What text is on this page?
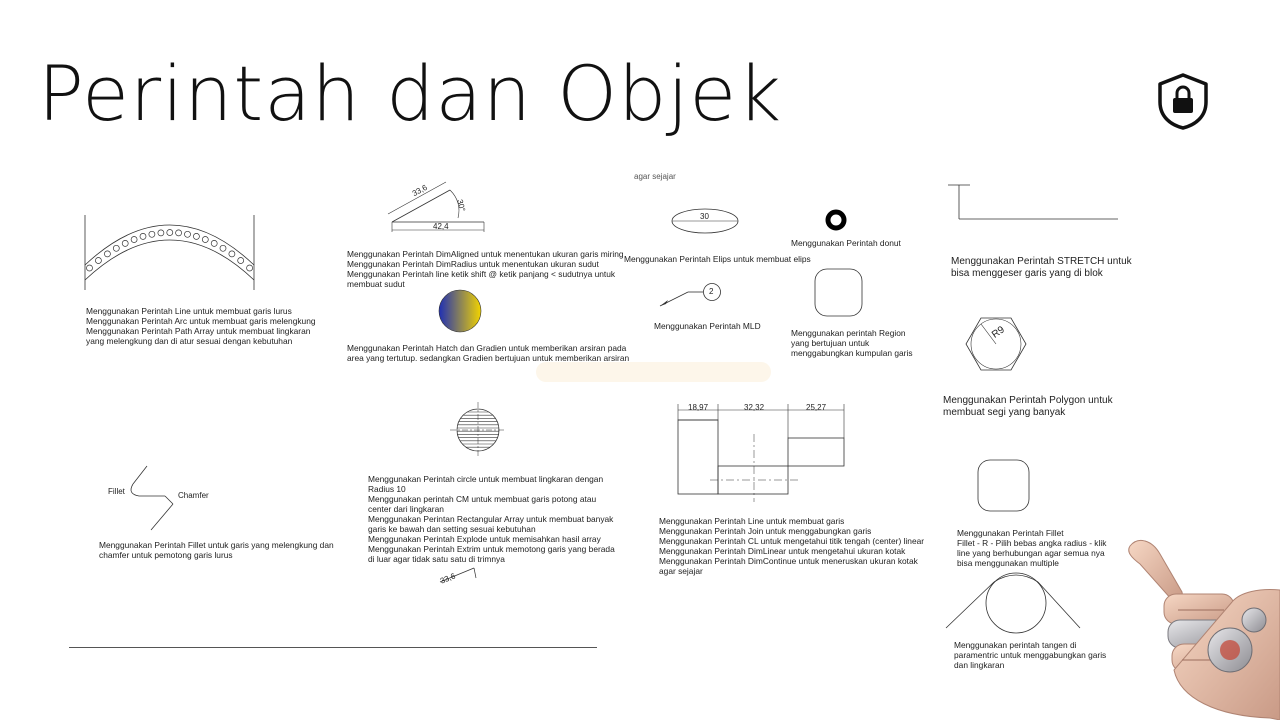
Perintah dan Objek
Menggunakan Perintah Line untuk membuat garis lurus
Menggunakan Perintah Arc untuk membuat garis melengkung
Menggunakan Perintah Path Array untuk membuat lingkaran
yang melengkung dan di atur sesuai dengan kebutuhan
33,6
30°
42,4
Menggunakan Perintah DimAligned untuk menentukan ukuran garis miring
Menggunakan Perintah DimRadius untuk menentukan ukuran sudut
Menggunakan Perintah line ketik shift @ ketik panjang < sudutnya untuk
membuat sudut
Menggunakan Perintah Hatch dan Gradien untuk memberikan arsiran pada
area yang tertutup. sedangkan Gradien bertujuan untuk memberikan arsiran
agar sejajar
30
Menggunakan Perintah Elips untuk membuat elips
Menggunakan Perintah donut
2
Menggunakan Perintah MLD
Menggunakan perintah Region
yang bertujuan untuk
menggabungkan kumpulan garis
Menggunakan Perintah STRETCH untuk
bisa menggeser garis yang di blok
R9
Menggunakan Perintah Polygon untuk
membuat segi yang banyak
Fillet	Chamfer
Menggunakan Perintah Fillet untuk garis yang melengkung dan
chamfer untuk pemotong garis lurus
Menggunakan Perintah circle untuk membuat lingkaran dengan
Radius 10
Menggunakan perintah CM untuk membuat garis potong atau
center dari lingkaran
Menggunakan Perintan Rectangular Array untuk membuat banyak
garis ke bawah dan setting sesuai kebutuhan
Menggunakan Perintah Explode untuk memisahkan hasil array
Menggunakan Perintah Extrim untuk memotong garis yang berada
di luar agar tidak satu satu di trimnya
33,6
18,97	32,32	25,27
Menggunakan Perintah Line untuk membuat garis
Menggunakan Perintah Join untuk menggabungkan garis
Menggunakan Perintah CL untuk mengetahui titik tengah (center) linear
Menggunakan Perintah DimLinear untuk mengetahui ukuran kotak
Menggunakan Perintah DimContinue untuk meneruskan ukuran kotak
agar sejajar
Menggunakan Perintah Fillet
Fillet - R - Pilih bebas angka radius - klik
line yang berhubungan agar semua nya
bisa menggunakan multiple
Menggunakan perintah tangen di
paramentric untuk menggabungkan garis
dan lingkaran
